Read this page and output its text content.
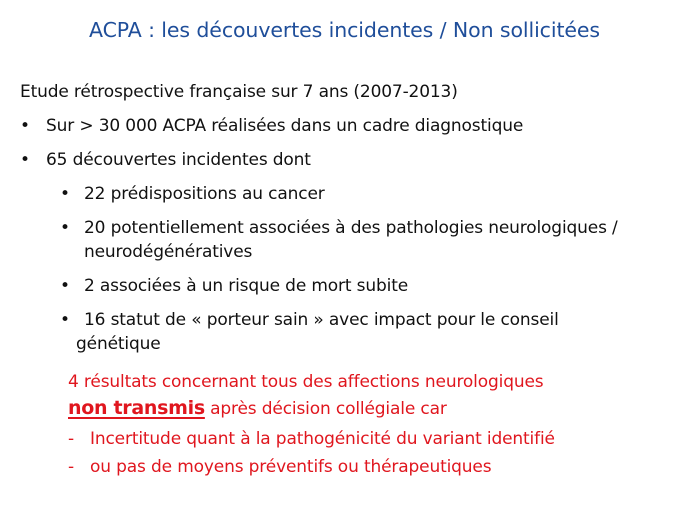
ACPA : les découvertes incidentes / Non sollicitées
Etude rétrospective française sur 7 ans (2007-2013)
• Sur > 30 000 ACPA réalisées dans un cadre diagnostique
• 65 découvertes incidentes dont
• 22 prédispositions au cancer
• 20 potentiellement associées à des pathologies neurologiques /
neurodégénératives
• 2 associées à un risque de mort subite
• 16 statut de « porteur sain » avec impact pour le conseil
génétique
4 résultats concernant tous des affections neurologiques
non transmis après décision collégiale car
- Incertitude quant à la pathogénicité du variant identifié
- ou pas de moyens préventifs ou thérapeutiques
